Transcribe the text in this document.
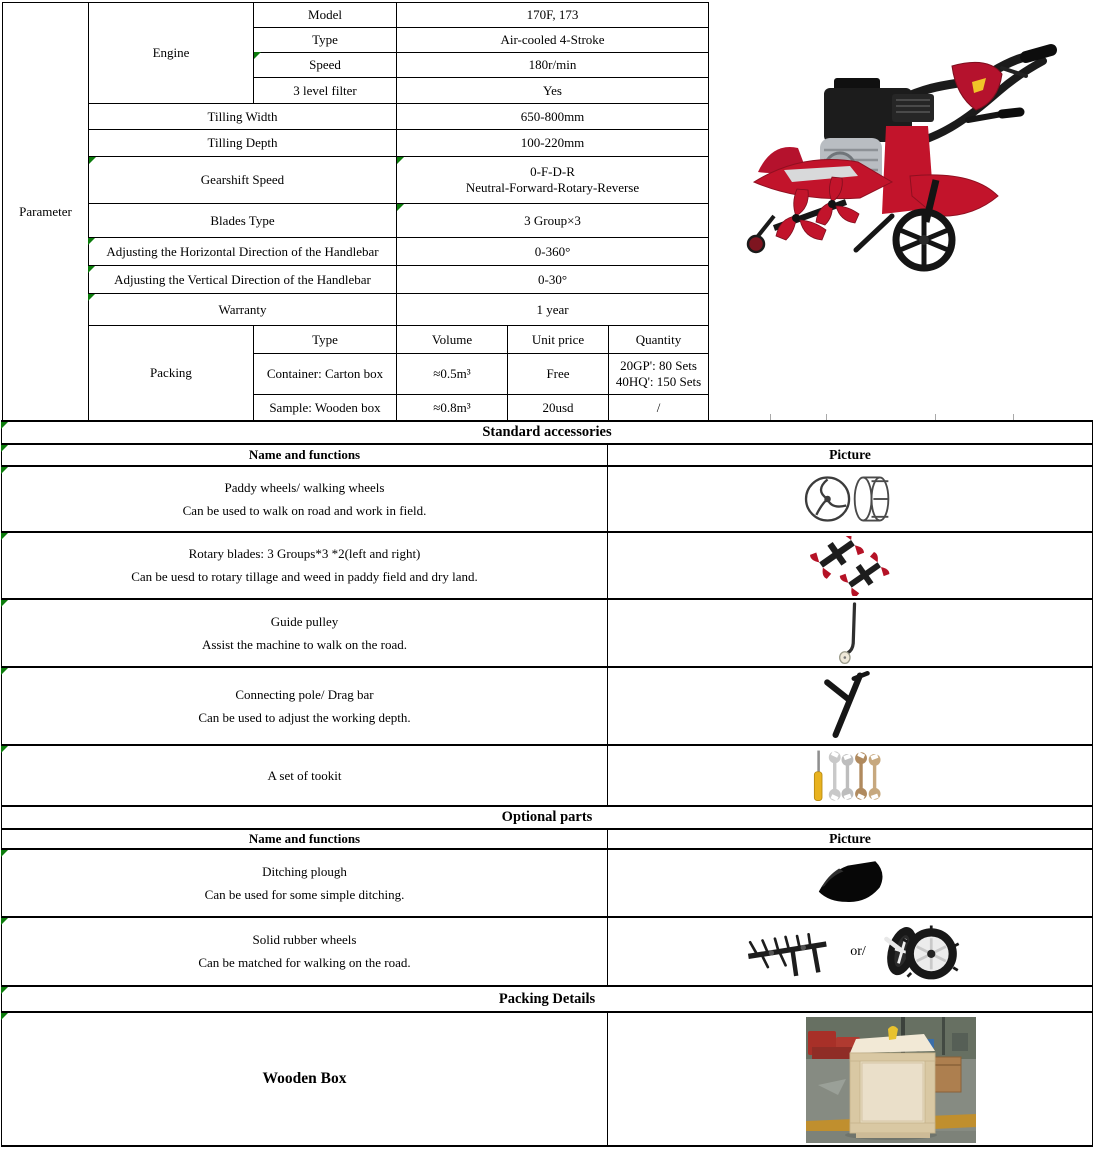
Parameter	Engine	Model	170F, 173		
		Type	Air-cooled 4-Stroke		
		Speed	180r/min		
		3 level filter	Yes		
	Tilling Width		650-800mm		
	Tilling Depth		100-220mm		
	Gearshift Speed		0-F-D-R
Neutral-Forward-Rotary-Reverse		

	Blades Type		3 Group×3		
	Adjusting the Horizontal Direction of the Handlebar		0-360°		
	Adjusting the Vertical Direction of the Handlebar		0-30°		
	Warranty		1 year		
	Packing	Type	Volume	Unit price	Quantity
		Container: Carton box	≈0.5m³	Free	20GP': 80 Sets
40HQ': 150 Sets

		Sample: Wooden box	≈0.8m³	20usd	/
Standard accessories
Name and functions	Picture
Paddy wheels/ walking wheels
Can be used to walk on road and work in field.
Rotary blades: 3 Groups*3 *2(left and right)
Can be uesd to rotary tillage and weed in paddy field and dry land.
Guide pulley
Assist the machine to walk on the road.
Connecting pole/ Drag bar
Can be used to adjust the working depth.
A set of tookit
Optional parts
Name and functions	Picture
Ditching plough
Can be used for some simple ditching.
Solid rubber wheels
Can be matched for walking on the road.
or/
Packing Details
Wooden Box
